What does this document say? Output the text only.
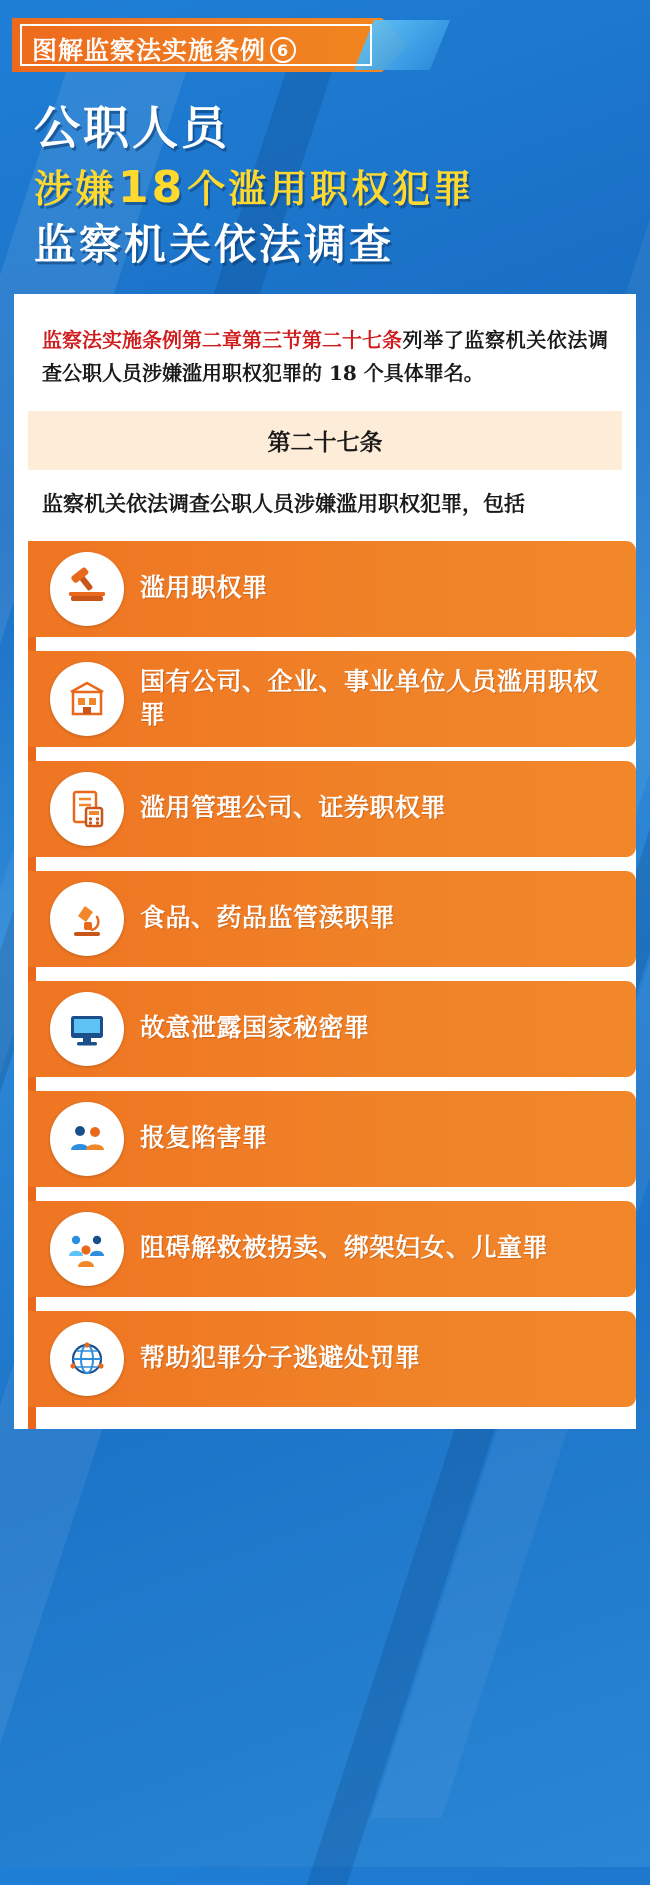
图解监察法实施条例 6
公职人员
涉嫌18个滥用职权犯罪
监察机关依法调查
监察法实施条例第二章第三节第二十七条列举了监察机关依法调查公职人员涉嫌滥用职权犯罪的 18 个具体罪名。
第二十七条
监察机关依法调查公职人员涉嫌滥用职权犯罪，包括
滥用职权罪
国有公司、企业、事业单位人员滥用职权罪
滥用管理公司、证券职权罪
食品、药品监管渎职罪
故意泄露国家秘密罪
报复陷害罪
阻碍解救被拐卖、绑架妇女、儿童罪
帮助犯罪分子逃避处罚罪
